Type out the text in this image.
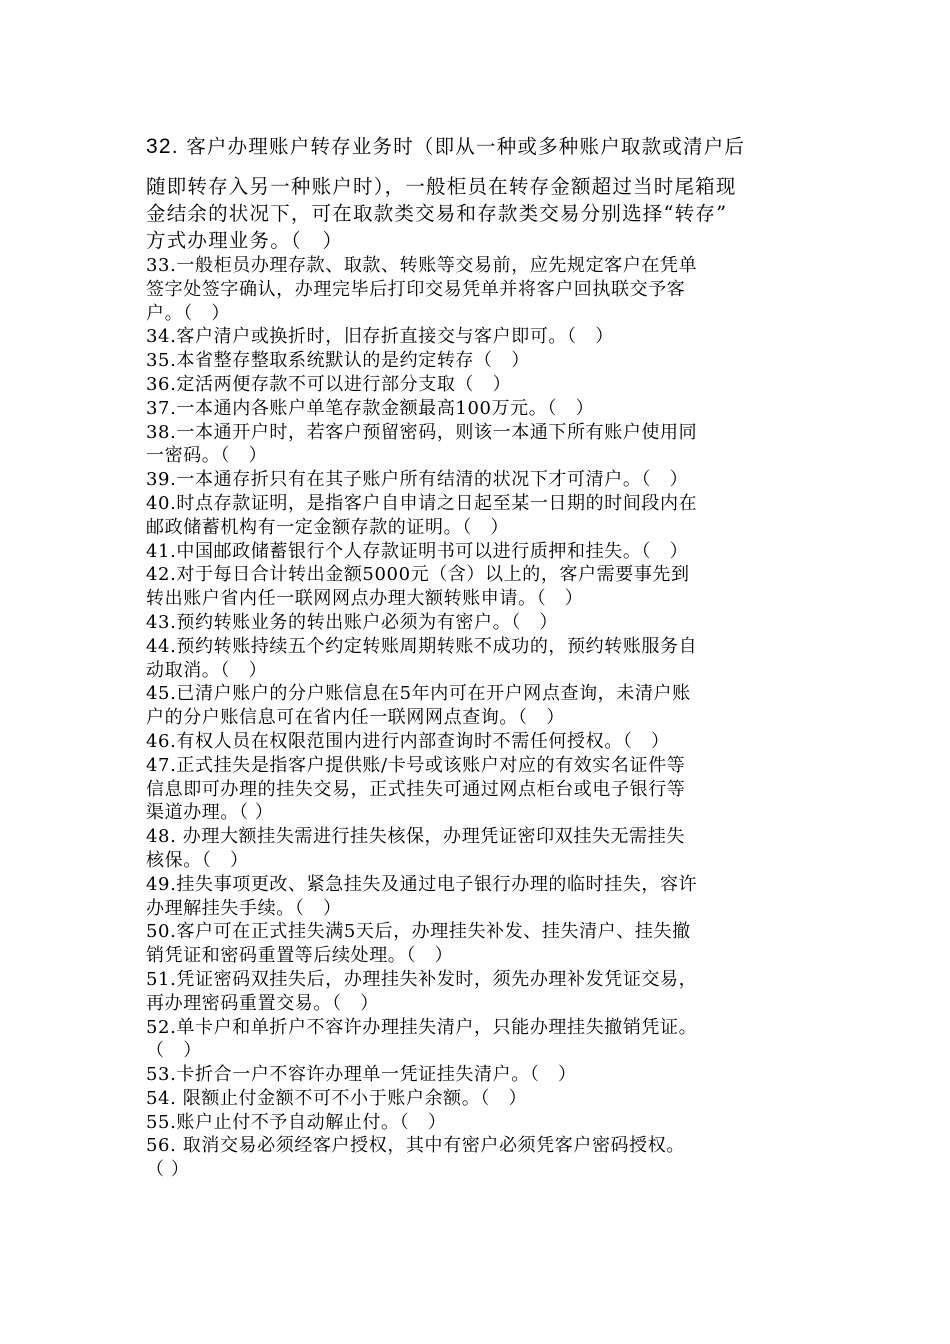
32. 客户办理账户转存业务时（即从一种或多种账户取款或清户后

随即转存入另一种账户时），一般柜员在转存金额超过当时尾箱现
金结余的状况下，可在取款类交易和存款类交易分别选择“转存”
方式办理业务。（　）

33.一般柜员办理存款、取款、转账等交易前，应先规定客户在凭单
签字处签字确认，办理完毕后打印交易凭单并将客户回执联交予客
户。（　）
34.客户清户或换折时，旧存折直接交与客户即可。（　）
35.本省整存整取系统默认的是约定转存（　）
36.定活两便存款不可以进行部分支取（　）
37.一本通内各账户单笔存款金额最高100万元。（　）
38.一本通开户时，若客户预留密码，则该一本通下所有账户使用同
一密码。（　）
39.一本通存折只有在其子账户所有结清的状况下才可清户。（　）
40.时点存款证明，是指客户自申请之日起至某一日期的时间段内在
邮政储蓄机构有一定金额存款的证明。（　）
41.中国邮政储蓄银行个人存款证明书可以进行质押和挂失。（　）
42.对于每日合计转出金额5000元（含）以上的，客户需要事先到
转出账户省内任一联网网点办理大额转账申请。（　）
43.预约转账业务的转出账户必须为有密户。（　）
44.预约转账持续五个约定转账周期转账不成功的，预约转账服务自
动取消。（　）
45.已清户账户的分户账信息在5年内可在开户网点查询，未清户账
户的分户账信息可在省内任一联网网点查询。（　）
46.有权人员在权限范围内进行内部查询时不需任何授权。（　）
47.正式挂失是指客户提供账/卡号或该账户对应的有效实名证件等
信息即可办理的挂失交易，正式挂失可通过网点柜台或电子银行等
渠道办理。（ ）
48. 办理大额挂失需进行挂失核保，办理凭证密印双挂失无需挂失
核保。（　）
49.挂失事项更改、紧急挂失及通过电子银行办理的临时挂失，容许
办理解挂失手续。（　）
50.客户可在正式挂失满5天后，办理挂失补发、挂失清户、挂失撤
销凭证和密码重置等后续处理。（　）
51.凭证密码双挂失后，办理挂失补发时，须先办理补发凭证交易，
再办理密码重置交易。（　）
52.单卡户和单折户不容许办理挂失清户，只能办理挂失撤销凭证。
（　）
53.卡折合一户不容许办理单一凭证挂失清户。（　）
54. 限额止付金额不可不小于账户余额。（　）
55.账户止付不予自动解止付。（　）
56. 取消交易必须经客户授权，其中有密户必须凭客户密码授权。
（ ）
